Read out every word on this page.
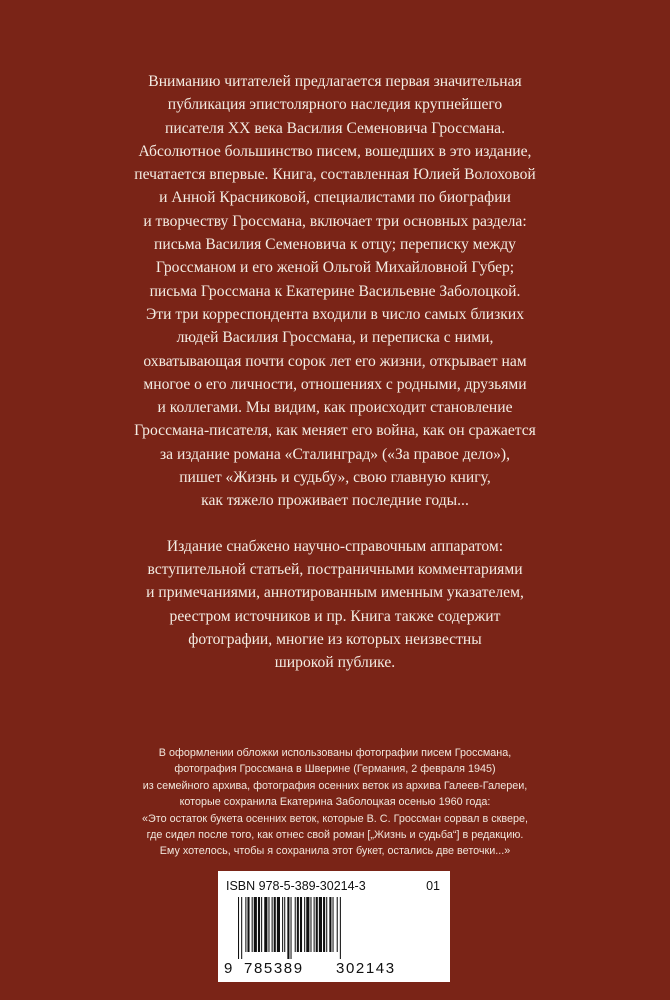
Вниманию читателей предлагается первая значительная
публикация эпистолярного наследия крупнейшего
писателя XX века Василия Семеновича Гроссмана.
Абсолютное большинство писем, вошедших в это издание,
печатается впервые. Книга, составленная Юлией Волоховой
и Анной Красниковой, специалистами по биографии
и творчеству Гроссмана, включает три основных раздела:
письма Василия Семеновича к отцу; переписку между
Гроссманом и его женой Ольгой Михайловной Губер;
письма Гроссмана к Екатерине Васильевне Заболоцкой.
Эти три корреспондента входили в число самых близких
людей Василия Гроссмана, и переписка с ними,
охватывающая почти сорок лет его жизни, открывает нам
многое о его личности, отношениях с родными, друзьями
и коллегами. Мы видим, как происходит становление
Гроссмана-писателя, как меняет его война, как он сражается
за издание романа «Сталинград» («За правое дело»),
пишет «Жизнь и судьбу», свою главную книгу,
как тяжело проживает последние годы...

Издание снабжено научно-справочным аппаратом:
вступительной статьей, постраничными комментариями
и примечаниями, аннотированным именным указателем,
реестром источников и пр. Книга также содержит
фотографии, многие из которых неизвестны
широкой публике.

В оформлении обложки использованы фотографии писем Гроссмана,
фотография Гроссмана в Шверине (Германия, 2 февраля 1945)
из семейного архива, фотография осенних веток из архива Галеев-Галереи,
которые сохранила Екатерина Заболоцкая осенью 1960 года:
«Это остаток букета осенних веток, которые В. С. Гроссман сорвал в сквере,
где сидел после того, как отнес свой роман [„Жизнь и судьба“] в редакцию.
Ему хотелось, чтобы я сохранила этот букет, остались две веточки...»

ISBN 978-5-389-30214-3	01
9 785389 302143
